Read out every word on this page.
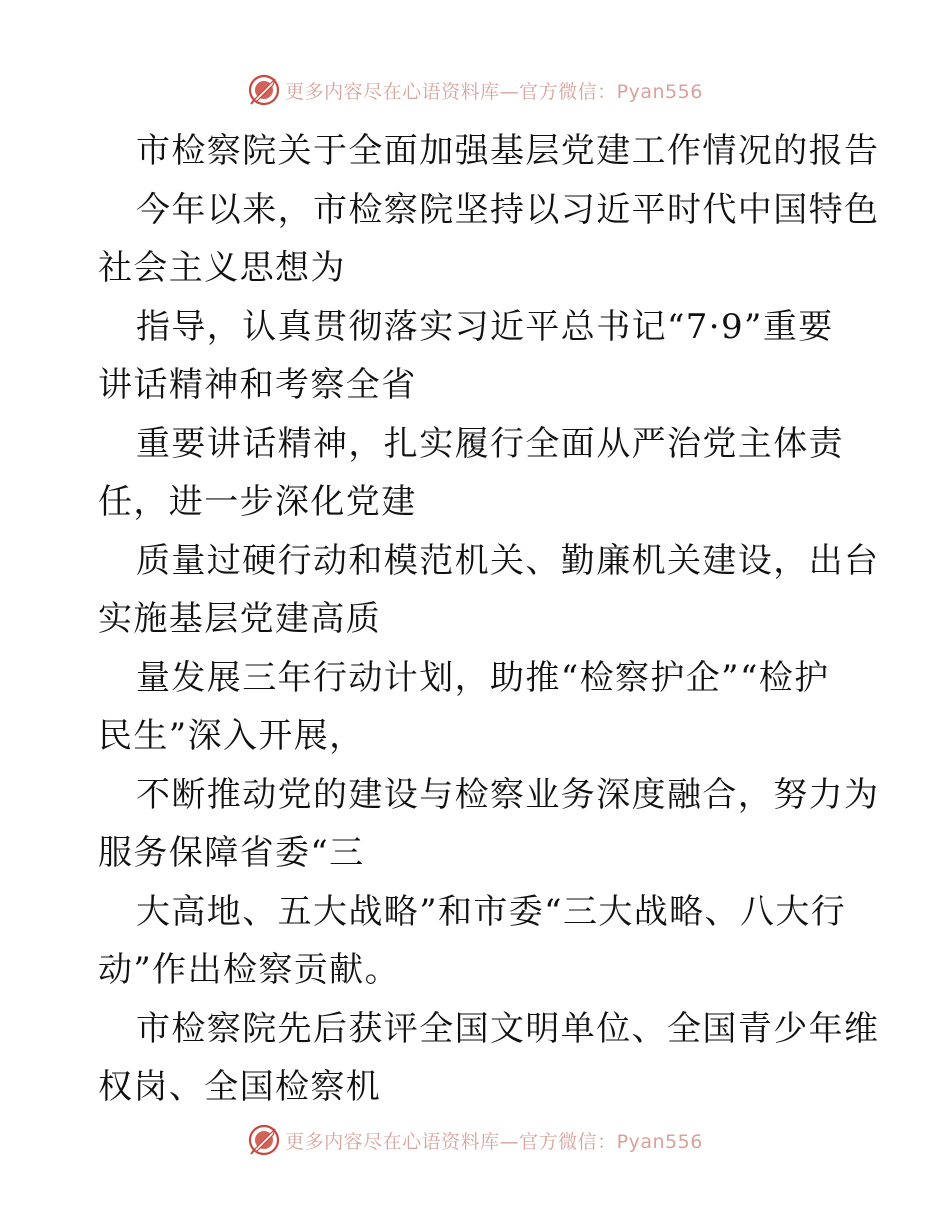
更多内容尽在心语资料库—官方微信：Pyan556
市检察院关于全面加强基层党建工作情况的报告
今年以来，市检察院坚持以习近平时代中国特色
社会主义思想为
指导，认真贯彻落实习近平总书记“7·9”重要
讲话精神和考察全省
重要讲话精神，扎实履行全面从严治党主体责
任，进一步深化党建
质量过硬行动和模范机关、勤廉机关建设，出台
实施基层党建高质
量发展三年行动计划，助推“检察护企”“检护
民生”深入开展，
不断推动党的建设与检察业务深度融合，努力为
服务保障省委“三
大高地、五大战略”和市委“三大战略、八大行
动”作出检察贡献。
市检察院先后获评全国文明单位、全国青少年维
权岗、全国检察机
更多内容尽在心语资料库—官方微信：Pyan556
